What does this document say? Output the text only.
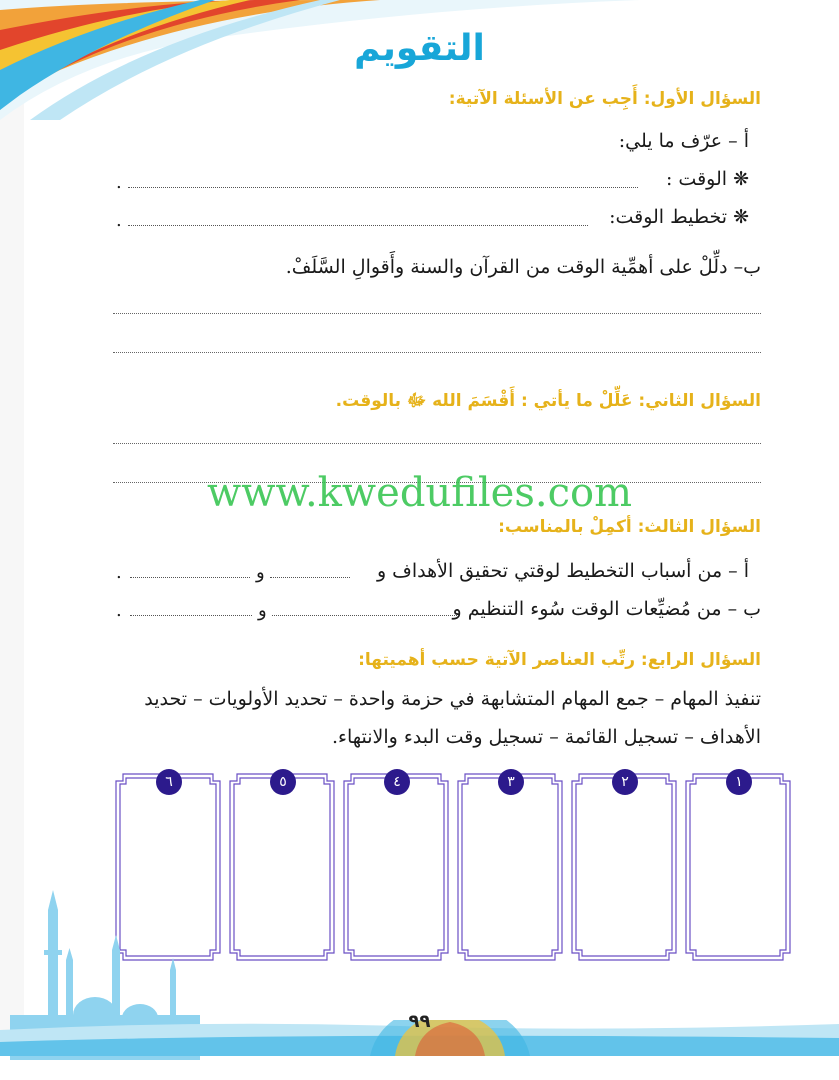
التقويم
السؤال الأول: أَجِب عن الأسئلة الآتية:
أ – عرّف ما يلي:
❋ الوقت :
.
❋ تخطيط الوقت:
.
ب– دلِّلْ على أهمِّية الوقت من القرآن والسنة وأَقوالِ السَّلَفْ.
السؤال الثاني: عَلِّلْ ما يأتي : أَقْسَمَ الله ﷻ بالوقت.
www.kwedufiles.com
السؤال الثالث: أكمِلْ بالمناسب:
أ – من أسباب التخطيط لوقتي تحقيق الأهداف و
و
.
ب – من مُضيِّعات الوقت سُوء التنظيم و
و
.
السؤال الرابع: رتِّب العناصر الآتية حسب أهميتها:
تنفيذ المهام – جمع المهام المتشابهة في حزمة واحدة – تحديد الأولويات – تحديد
الأهداف – تسجيل القائمة – تسجيل وقت البدء والانتهاء.
١
٢
٣
٤
٥
٦
٩٩
